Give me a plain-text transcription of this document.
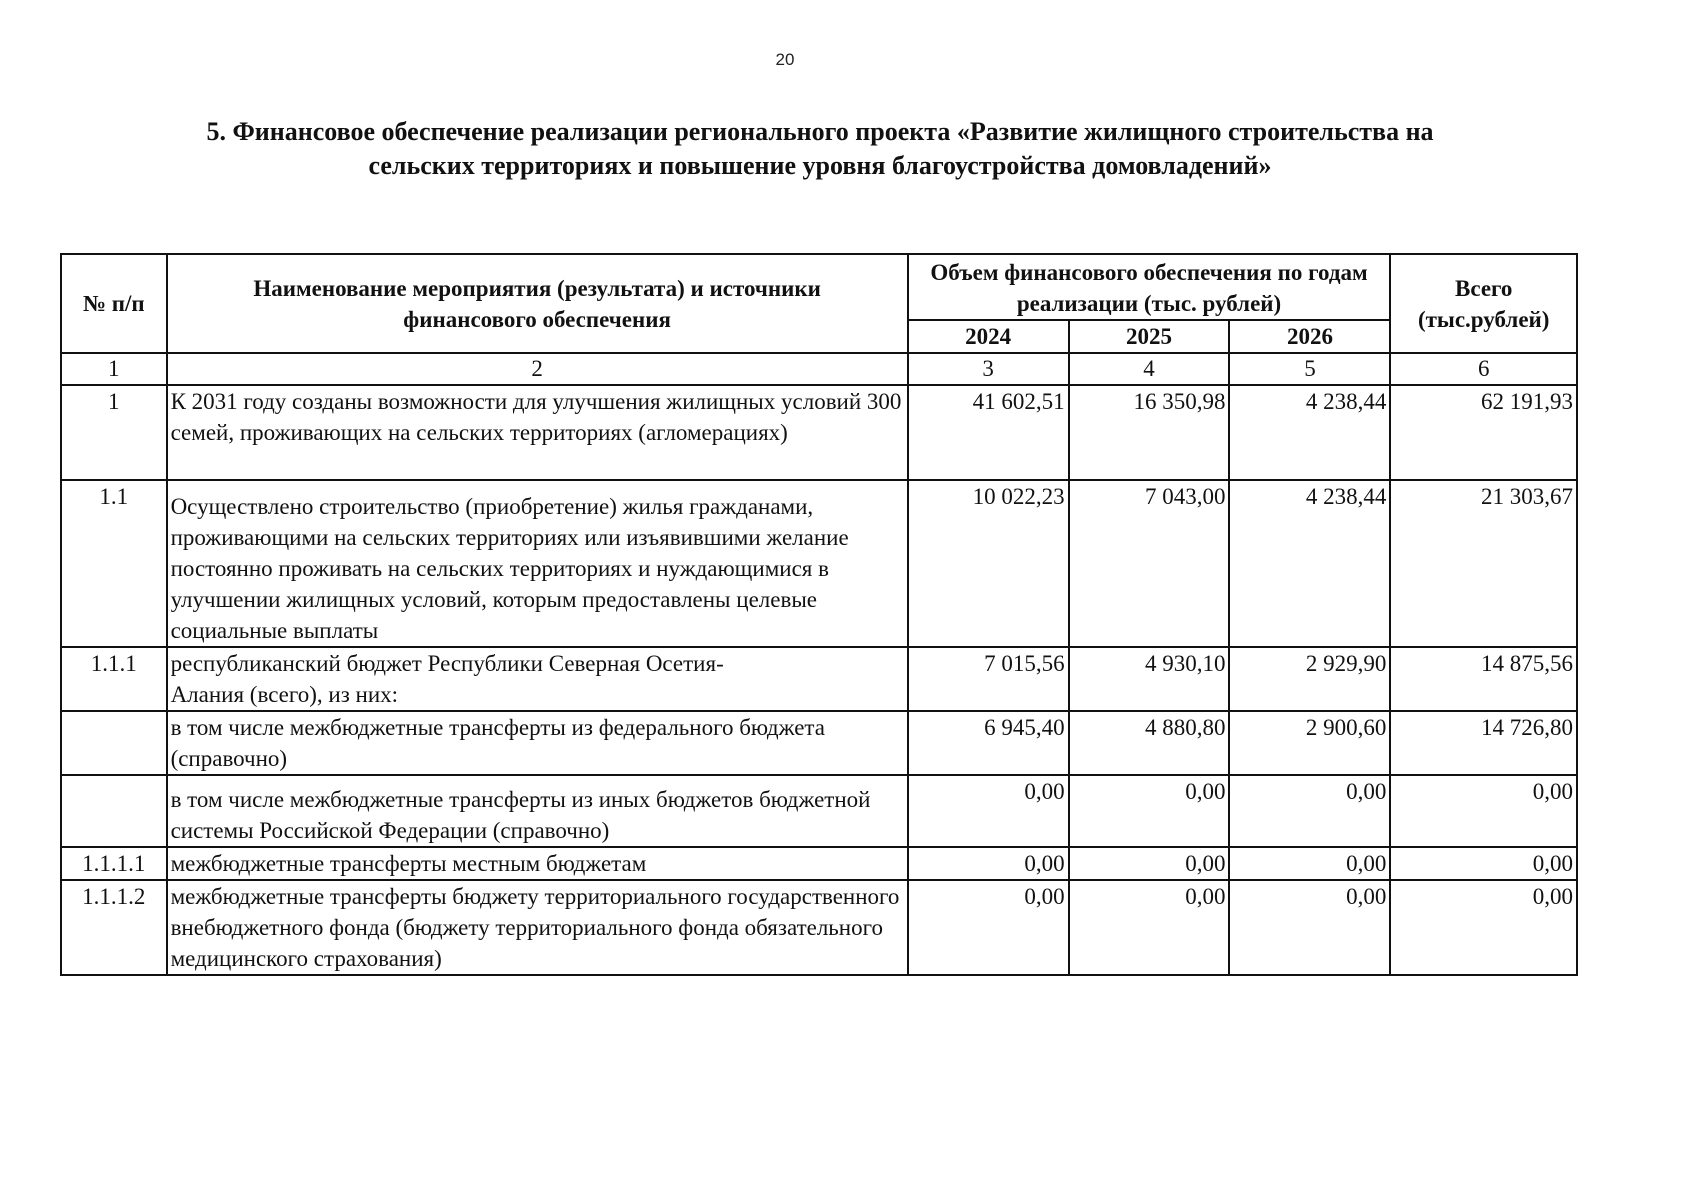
20
5. Финансовое обеспечение реализации регионального проекта «Развитие жилищного строительства на
сельских территориях и повышение уровня благоустройства домовладений»
№ п/п	Наименование мероприятия (результата) и источники финансового обеспечения	Объем финансового обеспечения по годам реализации (тыс. рублей)			Всего (тыс.рублей)
		2024	2025	2026	
1	2	3	4	5	6
1	К 2031 году созданы возможности для улучшения жилищных условий 300 семей, проживающих на сельских территориях (агломерациях)	41 602,51	16 350,98	4 238,44	62 191,93
1.1	Осуществлено строительство (приобретение) жилья гражданами, проживающими на сельских территориях или изъявившими желание постоянно проживать на сельских территориях и нуждающимися в улучшении жилищных условий, которым предоставлены целевые социальные выплаты	10 022,23	7 043,00	4 238,44	21 303,67
1.1.1	республиканский бюджет Республики Северная Осетия-Алания (всего), из них:	7 015,56	4 930,10	2 929,90	14 875,56
	в том числе межбюджетные трансферты из федерального бюджета (справочно)	6 945,40	4 880,80	2 900,60	14 726,80
	в том числе межбюджетные трансферты из иных бюджетов бюджетной системы Российской Федерации (справочно)	0,00	0,00	0,00	0,00
1.1.1.1	межбюджетные трансферты местным бюджетам	0,00	0,00	0,00	0,00
1.1.1.2	межбюджетные трансферты бюджету территориального государственного внебюджетного фонда (бюджету территориального фонда обязательного медицинского страхования)	0,00	0,00	0,00	0,00
